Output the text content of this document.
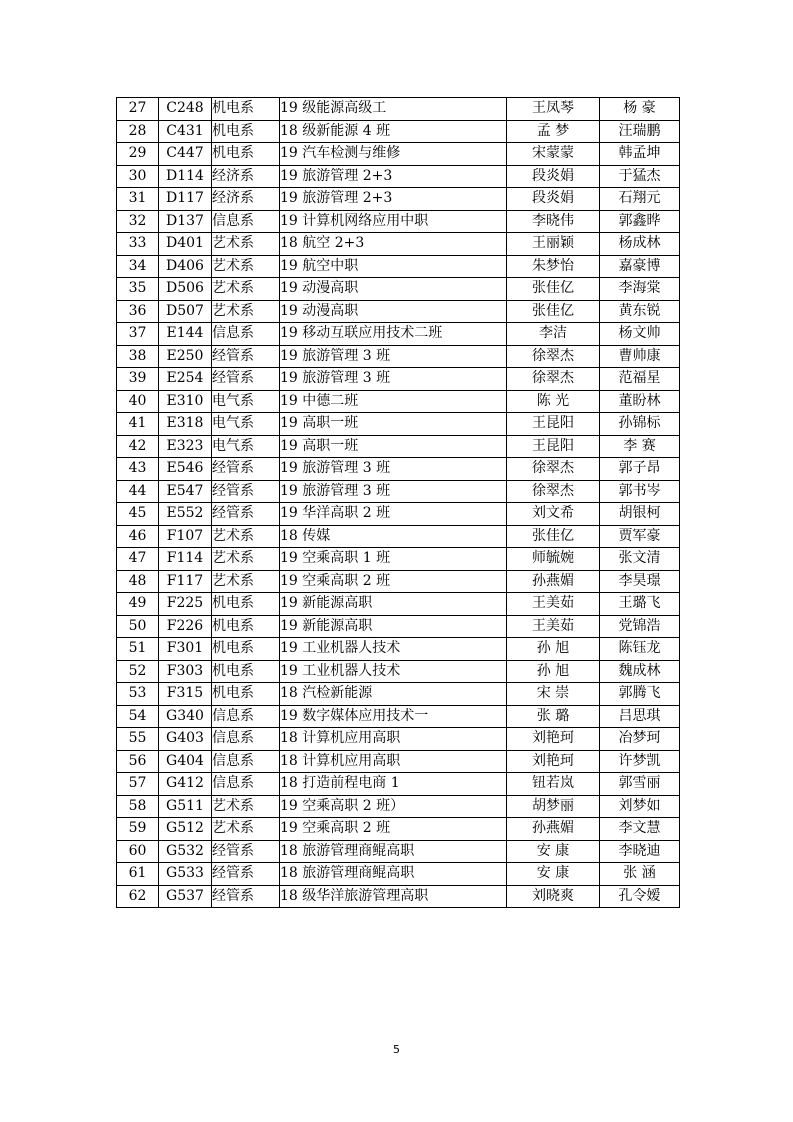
27	C248	机电系	19 级能源高级工	王凤琴	杨 豪
28	C431	机电系	18 级新能源 4 班	孟 梦	汪瑞鹏
29	C447	机电系	19 汽车检测与维修	宋蒙蒙	韩孟坤
30	D114	经济系	19 旅游管理 2+3	段炎娟	于猛杰
31	D117	经济系	19 旅游管理 2+3	段炎娟	石翔元
32	D137	信息系	19 计算机网络应用中职	李晓伟	郭鑫晔
33	D401	艺术系	18 航空 2+3	王丽颖	杨成林
34	D406	艺术系	19 航空中职	朱梦怡	嘉豪博
35	D506	艺术系	19 动漫高职	张佳亿	李海棠
36	D507	艺术系	19 动漫高职	张佳亿	黄东锐
37	E144	信息系	19 移动互联应用技术二班	李洁	杨文帅
38	E250	经管系	19 旅游管理 3 班	徐翠杰	曹帅康
39	E254	经管系	19 旅游管理 3 班	徐翠杰	范福星
40	E310	电气系	19 中德二班	陈 光	董盼林
41	E318	电气系	19 高职一班	王昆阳	孙锦标
42	E323	电气系	19 高职一班	王昆阳	李 赛
43	E546	经管系	19 旅游管理 3 班	徐翠杰	郭子昂
44	E547	经管系	19 旅游管理 3 班	徐翠杰	郭书岑
45	E552	经管系	19 华洋高职 2 班	刘文希	胡银柯
46	F107	艺术系	18 传媒	张佳亿	贾军豪
47	F114	艺术系	19 空乘高职 1 班	师毓婉	张文清
48	F117	艺术系	19 空乘高职 2 班	孙燕媚	李昊璟
49	F225	机电系	19 新能源高职	王美茹	王璐飞
50	F226	机电系	19 新能源高职	王美茹	党锦浩
51	F301	机电系	19 工业机器人技术	孙 旭	陈钰龙
52	F303	机电系	19 工业机器人技术	孙 旭	魏成林
53	F315	机电系	18 汽检新能源	宋 崇	郭腾飞
54	G340	信息系	19 数字媒体应用技术一	张 璐	吕思琪
55	G403	信息系	18 计算机应用高职	刘艳珂	冶梦珂
56	G404	信息系	18 计算机应用高职	刘艳珂	许梦凯
57	G412	信息系	18 打造前程电商 1	钮若岚	郭雪丽
58	G511	艺术系	19 空乘高职 2 班）	胡梦丽	刘梦如
59	G512	艺术系	19 空乘高职 2 班	孙燕媚	李文慧
60	G532	经管系	18 旅游管理商鲲高职	安 康	李晓迪
61	G533	经管系	18 旅游管理商鲲高职	安 康	张 涵
62	G537	经管系	18 级华洋旅游管理高职	刘晓爽	孔令嫒
5
